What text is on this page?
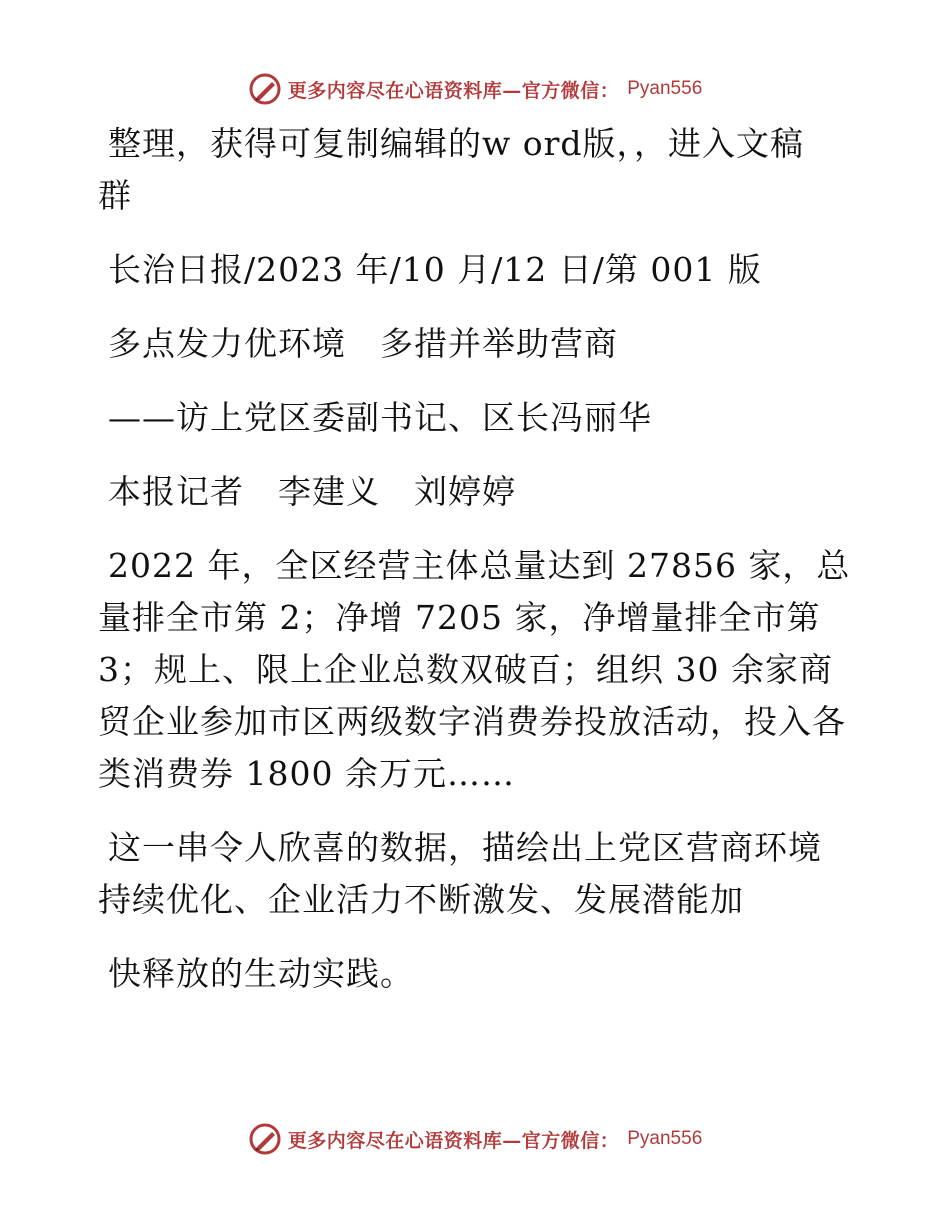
更多内容尽在心语资料库—官方微信： Pyan556

整理，获得可复制编辑的w ord版，，进入文稿

群

长治日报/2023 年/10 月/12 日/第 001 版

多点发力优环境　多措并举助营商

——访上党区委副书记、区长冯丽华

本报记者　李建义　刘婷婷

2022 年，全区经营主体总量达到 27856 家，总

量排全市第 2；净增 7205 家，净增量排全市第

3；规上、限上企业总数双破百；组织 30 余家商

贸企业参加市区两级数字消费券投放活动，投入各

类消费券 1800 余万元……

这一串令人欣喜的数据，描绘出上党区营商环境

持续优化、企业活力不断激发、发展潜能加

快释放的生动实践。

更多内容尽在心语资料库—官方微信： Pyan556
